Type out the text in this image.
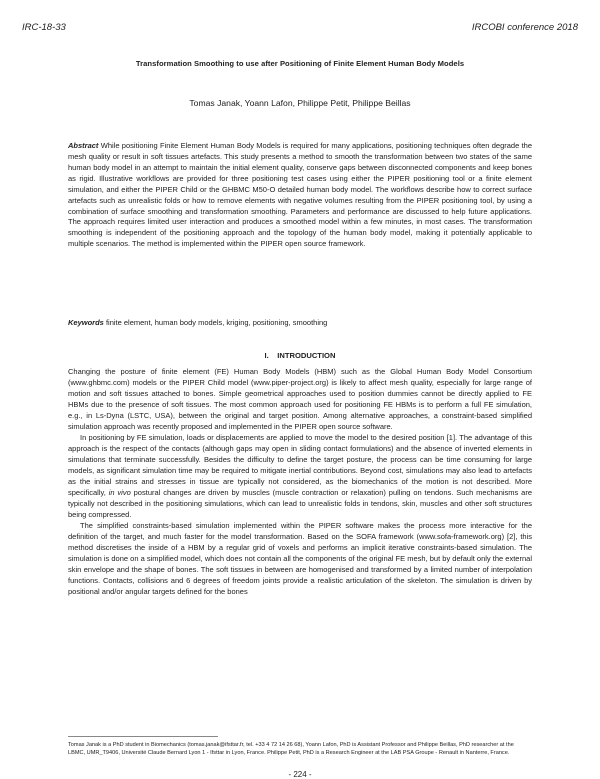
IRC-18-33	IRCOBI conference 2018
Transformation Smoothing to use after Positioning of Finite Element Human Body Models
Tomas Janak, Yoann Lafon, Philippe Petit, Philippe Beillas
Abstract While positioning Finite Element Human Body Models is required for many applications, positioning techniques often degrade the mesh quality or result in soft tissues artefacts. This study presents a method to smooth the transformation between two states of the same human body model in an attempt to maintain the initial element quality, conserve gaps between disconnected components and keep bones as rigid. Illustrative workflows are provided for three positioning test cases using either the PIPER positioning tool or a finite element simulation, and either the PIPER Child or the GHBMC M50-O detailed human body model. The workflows describe how to correct surface artefacts such as unrealistic folds or how to remove elements with negative volumes resulting from the PIPER positioning tool, by using a combination of surface smoothing and transformation smoothing. Parameters and performance are discussed to help future applications. The approach requires limited user interaction and produces a smoothed model within a few minutes, in most cases. The transformation smoothing is independent of the positioning approach and the topology of the human body model, making it potentially applicable to multiple scenarios. The method is implemented within the PIPER open source framework.
Keywords finite element, human body models, kriging, positioning, smoothing
I. INTRODUCTION

Changing the posture of finite element (FE) Human Body Models (HBM) such as the Global Human Body Model Consortium (www.ghbmc.com) models or the PIPER Child model (www.piper-project.org) is likely to affect mesh quality, especially for large range of motion and soft tissues attached to bones. Simple geometrical approaches used to position dummies cannot be directly applied to FE HBMs due to the presence of soft tissues. The most common approach used for positioning FE HBMs is to perform a full FE simulation, e.g., in Ls-Dyna (LSTC, USA), between the original and target position. Among alternative approaches, a constraint-based simplified simulation approach was recently proposed and implemented in the PIPER open source software.

In positioning by FE simulation, loads or displacements are applied to move the model to the desired position [1]. The advantage of this approach is the respect of the contacts (although gaps may open in sliding contact formulations) and the absence of inverted elements in simulations that terminate successfully. Besides the difficulty to define the target posture, the process can be time consuming for large models, as significant simulation time may be required to mitigate inertial contributions. Beyond cost, simulations may also lead to artefacts as the initial strains and stresses in tissue are typically not considered, as the biomechanics of the motion is not described. More specifically, in vivo postural changes are driven by muscles (muscle contraction or relaxation) pulling on tendons. Such mechanisms are typically not described in the positioning simulations, which can lead to unrealistic folds in tendons, skin, muscles and other soft structures being compressed.

The simplified constraints-based simulation implemented within the PIPER software makes the process more interactive for the definition of the target, and much faster for the model transformation. Based on the SOFA framework (www.sofa-framework.org) [2], this method discretises the inside of a HBM by a regular grid of voxels and performs an implicit iterative constraints-based simulation. The simulation is done on a simplified model, which does not contain all the components of the original FE mesh, but by default only the external skin envelope and the shape of bones. The soft tissues in between are homogenised and transformed by a limited number of interpolation functions. Contacts, collisions and 6 degrees of freedom joints provide a realistic articulation of the skeleton. The simulation is driven by positional and/or angular targets defined for the bones

Tomas Janak is a PhD student in Biomechanics (tomas.janak@ifsttar.fr, tel. +33 4 72 14 26 68), Yoann Lafon, PhD is Assistant Professor and Philippe Beillas, PhD researcher at the LBMC, UMR_T9406, Université Claude Bernard Lyon 1 - Ifsttar in Lyon, France. Philippe Petit, PhD is a Research Engineer at the LAB PSA Groupe - Renault in Nanterre, France.
- 224 -
